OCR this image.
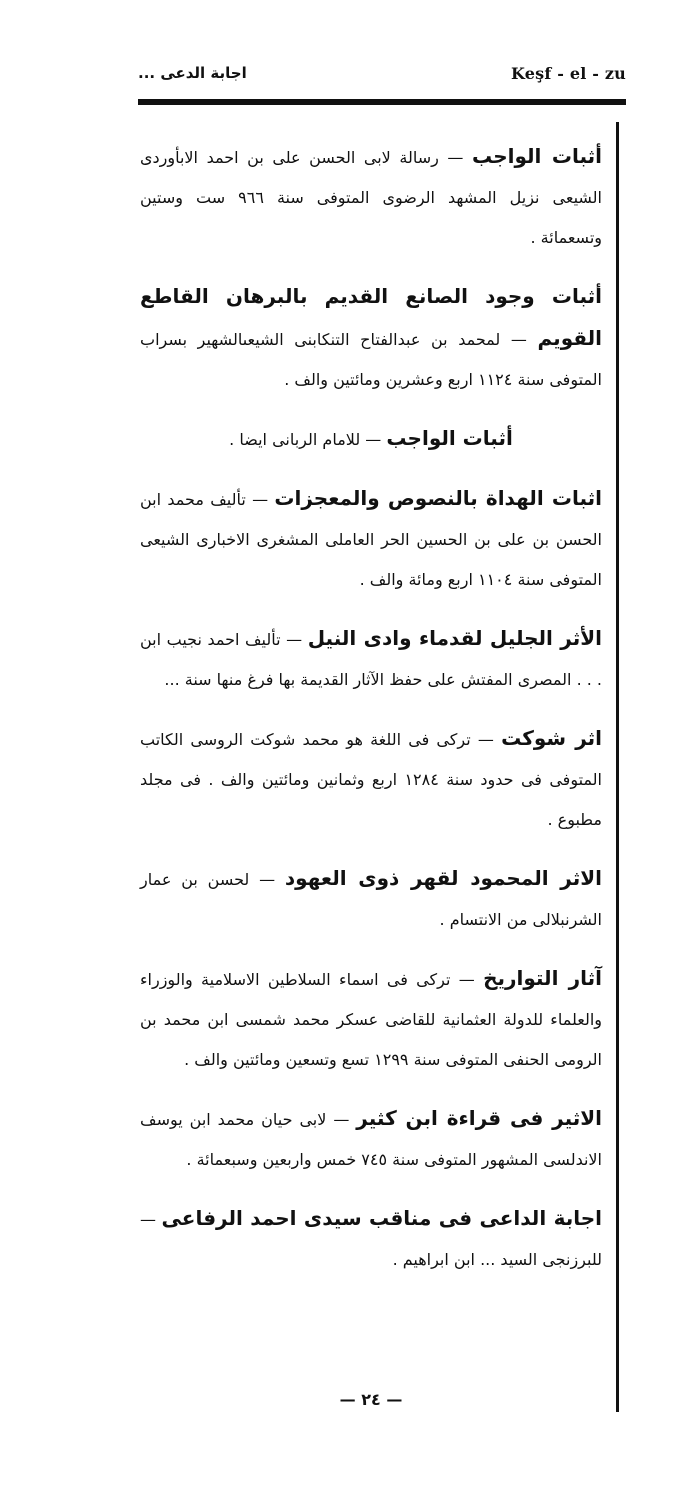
Keşf - el - zu
اجابة الدعى ...

أثبات الواجب — رسالة لابى الحسن على بن احمد الابأوردى الشيعى نزيل المشهد الرضوى المتوفى سنة ٩٦٦ ست وستين وتسعمائة .

أثبات وجود الصانع القديم بالبرهان القاطع القويم — لمحمد بن عبدالفتاح التنكابنى الشيعىالشهير بسراب المتوفى سنة ١١٢٤ اربع وعشرين ومائتين والف .

أثبات الواجب — للامام الربانى ايضا .

اثبات الهداة بالنصوص والمعجزات — تأليف محمد ابن الحسن بن على بن الحسين الحر العاملى المشغرى الاخبارى الشيعى المتوفى سنة ١١٠٤ اربع ومائة والف .

الأثر الجليل لقدماء وادى النيل — تأليف احمد نجيب ابن . . . المصرى المفتش على حفظ الآثار القديمة بها فرغ منها سنة ...

اثر شوكت — تركى فى اللغة هو محمد شوكت الروسى الكاتب المتوفى فى حدود سنة ١٢٨٤ اربع وثمانين ومائتين والف . فى مجلد مطبوع .

الاثر المحمود لقهر ذوى العهود — لحسن بن عمار الشرنبلالى من الانتسام .

آثار التواريخ — تركى فى اسماء السلاطين الاسلامية والوزراء والعلماء للدولة العثمانية للقاضى عسكر محمد شمسى ابن محمد بن الرومى الحنفى المتوفى سنة ١٢٩٩ تسع وتسعين ومائتين والف .

الاثير فى قراءة ابن كثير — لابى حيان محمد ابن يوسف الاندلسى المشهور المتوفى سنة ٧٤٥ خمس واربعين وسبعمائة .

اجابة الداعى فى مناقب سيدى احمد الرفاعى — للبرزنجى السيد ... ابن ابراهيم .

— ٢٤ —
